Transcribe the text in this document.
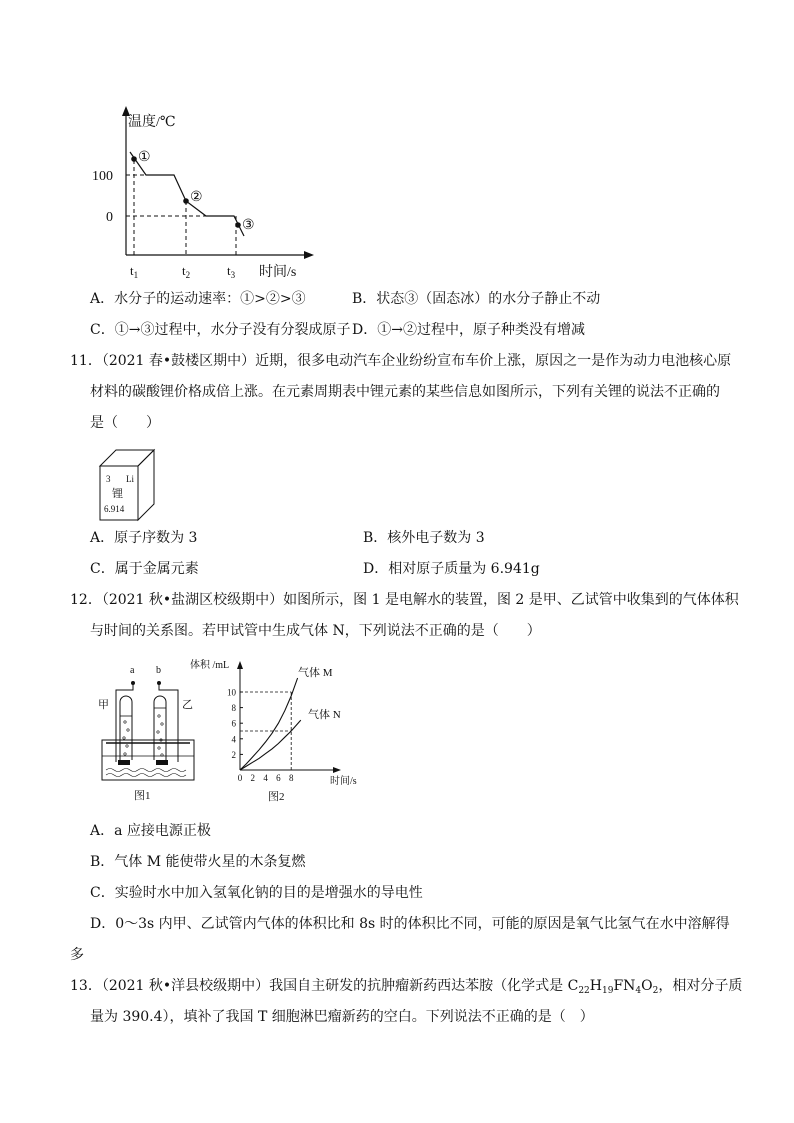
温度/℃
100
0
①
②
③
$t_1$	$t_2$	$t_3$ 时间/s
A．水分子的运动速率：①>②>③	B．状态③（固态冰）的水分子静止不动
C．①→③过程中，水分子没有分裂成原子 D．①→②过程中，原子种类没有增减
11．（2021 春•鼓楼区期中）近期，很多电动汽车企业纷纷宣布车价上涨，原因之一是作为动力电池核心原
材料的碳酸锂价格成倍上涨。在元素周期表中锂元素的某些信息如图所示，下列有关锂的说法不正确的
是（　　）
3 Li
锂
6.914
A．原子序数为 3	B．核外电子数为 3
C．属于金属元素	D．相对原子质量为 6.941g
12．（2021 秋•盐湖区校级期中）如图所示，图 1 是电解水的装置，图 2 是甲、乙试管中收集到的气体体积
与时间的关系图。若甲试管中生成气体 N，下列说法不正确的是（　　）
a b
甲	乙
图1
体积 /mL
10
8
6
4
2
0 2 4 6 8	时间/s
气体 M
气体 N
图2
A．a 应接电源正极
B．气体 M 能使带火星的木条复燃
C．实验时水中加入氢氧化钠的目的是增强水的导电性
D．0～3s 内甲、乙试管内气体的体积比和 8s 时的体积比不同，可能的原因是氧气比氢气在水中溶解得
多
13．（2021 秋•洋县校级期中）我国自主研发的抗肿瘤新药西达苯胺（化学式是 $C_{22}H_{19}FN_4O_2$，相对分子质
量为 390.4），填补了我国 T 细胞淋巴瘤新药的空白。下列说法不正确的是（　）
